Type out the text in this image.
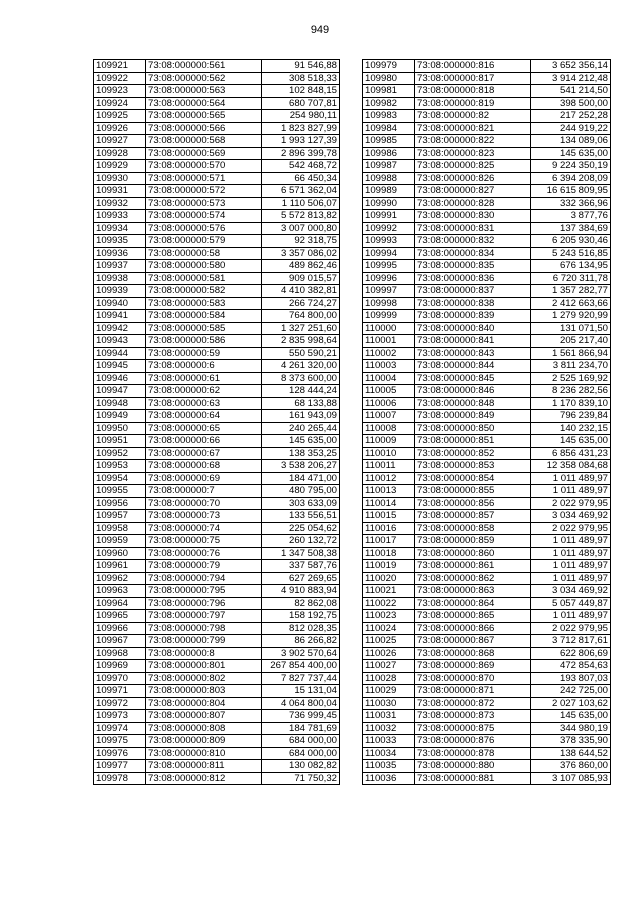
949
109921	73:08:000000:561	91 546,88
109922	73:08:000000:562	308 518,33
109923	73:08:000000:563	102 848,15
109924	73:08:000000:564	680 707,81
109925	73:08:000000:565	254 980,11
109926	73:08:000000:566	1 823 827,99
109927	73:08:000000:568	1 993 127,39
109928	73:08:000000:569	2 896 399,78
109929	73:08:000000:570	542 468,72
109930	73:08:000000:571	66 450,34
109931	73:08:000000:572	6 571 362,04
109932	73:08:000000:573	1 110 506,07
109933	73:08:000000:574	5 572 813,82
109934	73:08:000000:576	3 007 000,80
109935	73:08:000000:579	92 318,75
109936	73:08:000000:58	3 357 086,02
109937	73:08:000000:580	489 862,46
109938	73:08:000000:581	909 015,57
109939	73:08:000000:582	4 410 382,81
109940	73:08:000000:583	266 724,27
109941	73:08:000000:584	764 800,00
109942	73:08:000000:585	1 327 251,60
109943	73:08:000000:586	2 835 998,64
109944	73:08:000000:59	550 590,21
109945	73:08:000000:6	4 261 320,00
109946	73:08:000000:61	8 373 600,00
109947	73:08:000000:62	128 444,24
109948	73:08:000000:63	68 133,88
109949	73:08:000000:64	161 943,09
109950	73:08:000000:65	240 265,44
109951	73:08:000000:66	145 635,00
109952	73:08:000000:67	138 353,25
109953	73:08:000000:68	3 538 206,27
109954	73:08:000000:69	184 471,00
109955	73:08:000000:7	480 795,00
109956	73:08:000000:70	303 633,09
109957	73:08:000000:73	133 556,51
109958	73:08:000000:74	225 054,62
109959	73:08:000000:75	260 132,72
109960	73:08:000000:76	1 347 508,38
109961	73:08:000000:79	337 587,76
109962	73:08:000000:794	627 269,65
109963	73:08:000000:795	4 910 883,94
109964	73:08:000000:796	82 862,08
109965	73:08:000000:797	158 192,75
109966	73:08:000000:798	812 028,35
109967	73:08:000000:799	86 266,82
109968	73:08:000000:8	3 902 570,64
109969	73:08:000000:801	267 854 400,00
109970	73:08:000000:802	7 827 737,44
109971	73:08:000000:803	15 131,04
109972	73:08:000000:804	4 064 800,04
109973	73:08:000000:807	736 999,45
109974	73:08:000000:808	184 781,69
109975	73:08:000000:809	684 000,00
109976	73:08:000000:810	684 000,00
109977	73:08:000000:811	130 082,82
109978	73:08:000000:812	71 750,32
109979	73:08:000000:816	3 652 356,14
109980	73:08:000000:817	3 914 212,48
109981	73:08:000000:818	541 214,50
109982	73:08:000000:819	398 500,00
109983	73:08:000000:82	217 252,28
109984	73:08:000000:821	244 919,22
109985	73:08:000000:822	134 089,06
109986	73:08:000000:823	145 635,00
109987	73:08:000000:825	9 224 350,19
109988	73:08:000000:826	6 394 208,09
109989	73:08:000000:827	16 615 809,95
109990	73:08:000000:828	332 366,96
109991	73:08:000000:830	3 877,76
109992	73:08:000000:831	137 384,69
109993	73:08:000000:832	6 205 930,46
109994	73:08:000000:834	5 243 516,85
109995	73:08:000000:835	676 134,95
109996	73:08:000000:836	6 720 311,78
109997	73:08:000000:837	1 357 282,77
109998	73:08:000000:838	2 412 663,66
109999	73:08:000000:839	1 279 920,99
110000	73:08:000000:840	131 071,50
110001	73:08:000000:841	205 217,40
110002	73:08:000000:843	1 561 866,94
110003	73:08:000000:844	3 811 234,70
110004	73:08:000000:845	2 525 169,92
110005	73:08:000000:846	8 236 282,56
110006	73:08:000000:848	1 170 839,10
110007	73:08:000000:849	796 239,84
110008	73:08:000000:850	140 232,15
110009	73:08:000000:851	145 635,00
110010	73:08:000000:852	6 856 431,23
110011	73:08:000000:853	12 358 084,68
110012	73:08:000000:854	1 011 489,97
110013	73:08:000000:855	1 011 489,97
110014	73:08:000000:856	2 022 979,95
110015	73:08:000000:857	3 034 469,92
110016	73:08:000000:858	2 022 979,95
110017	73:08:000000:859	1 011 489,97
110018	73:08:000000:860	1 011 489,97
110019	73:08:000000:861	1 011 489,97
110020	73:08:000000:862	1 011 489,97
110021	73:08:000000:863	3 034 469,92
110022	73:08:000000:864	5 057 449,87
110023	73:08:000000:865	1 011 489,97
110024	73:08:000000:866	2 022 979,95
110025	73:08:000000:867	3 712 817,61
110026	73:08:000000:868	622 806,69
110027	73:08:000000:869	472 854,63
110028	73:08:000000:870	193 807,03
110029	73:08:000000:871	242 725,00
110030	73:08:000000:872	2 027 103,62
110031	73:08:000000:873	145 635,00
110032	73:08:000000:875	344 980,19
110033	73:08:000000:876	378 335,90
110034	73:08:000000:878	138 644,52
110035	73:08:000000:880	376 860,00
110036	73:08:000000:881	3 107 085,93
